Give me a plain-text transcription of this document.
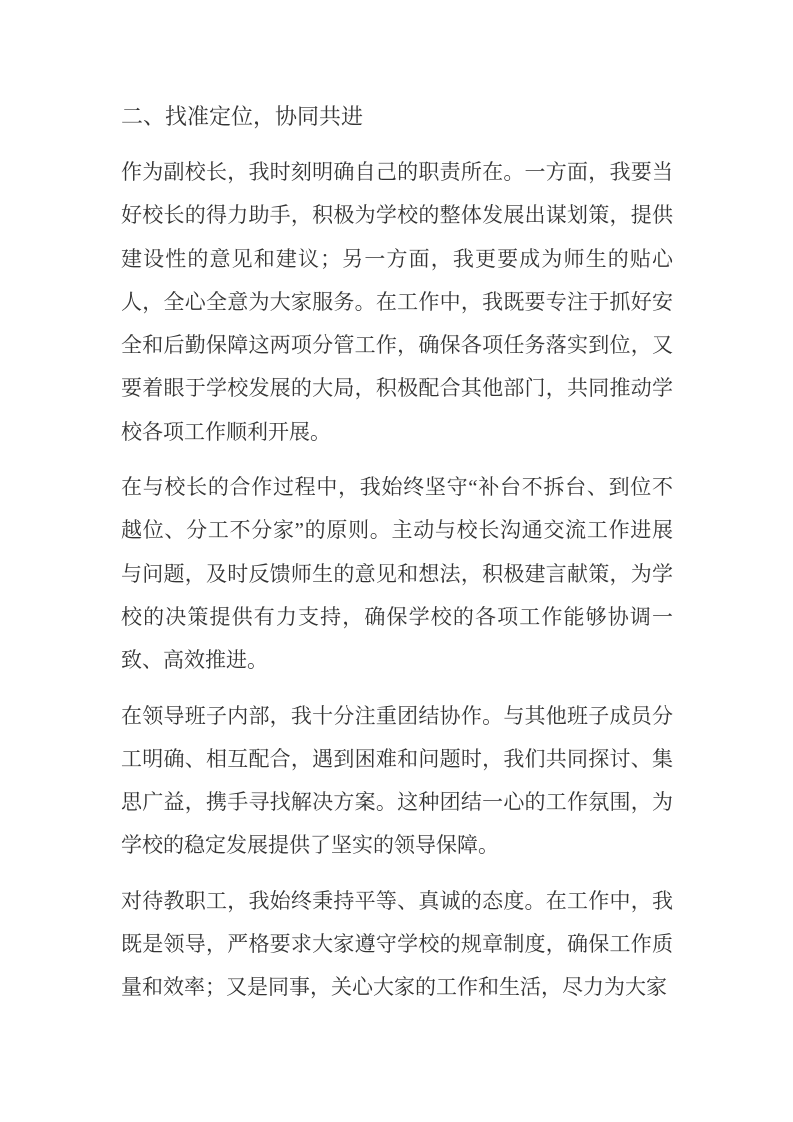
二、找准定位，协同共进

作为副校长，我时刻明确自己的职责所在。一方面，我要当好校长的得力助手，积极为学校的整体发展出谋划策，提供建设性的意见和建议；另一方面，我更要成为师生的贴心人，全心全意为大家服务。在工作中，我既要专注于抓好安全和后勤保障这两项分管工作，确保各项任务落实到位，又要着眼于学校发展的大局，积极配合其他部门，共同推动学校各项工作顺利开展。

在与校长的合作过程中，我始终坚守“补台不拆台、到位不越位、分工不分家”的原则。主动与校长沟通交流工作进展与问题，及时反馈师生的意见和想法，积极建言献策，为学校的决策提供有力支持，确保学校的各项工作能够协调一致、高效推进。

在领导班子内部，我十分注重团结协作。与其他班子成员分工明确、相互配合，遇到困难和问题时，我们共同探讨、集思广益，携手寻找解决方案。这种团结一心的工作氛围，为学校的稳定发展提供了坚实的领导保障。

对待教职工，我始终秉持平等、真诚的态度。在工作中，我既是领导，严格要求大家遵守学校的规章制度，确保工作质量和效率；又是同事，关心大家的工作和生活，尽力为大家
